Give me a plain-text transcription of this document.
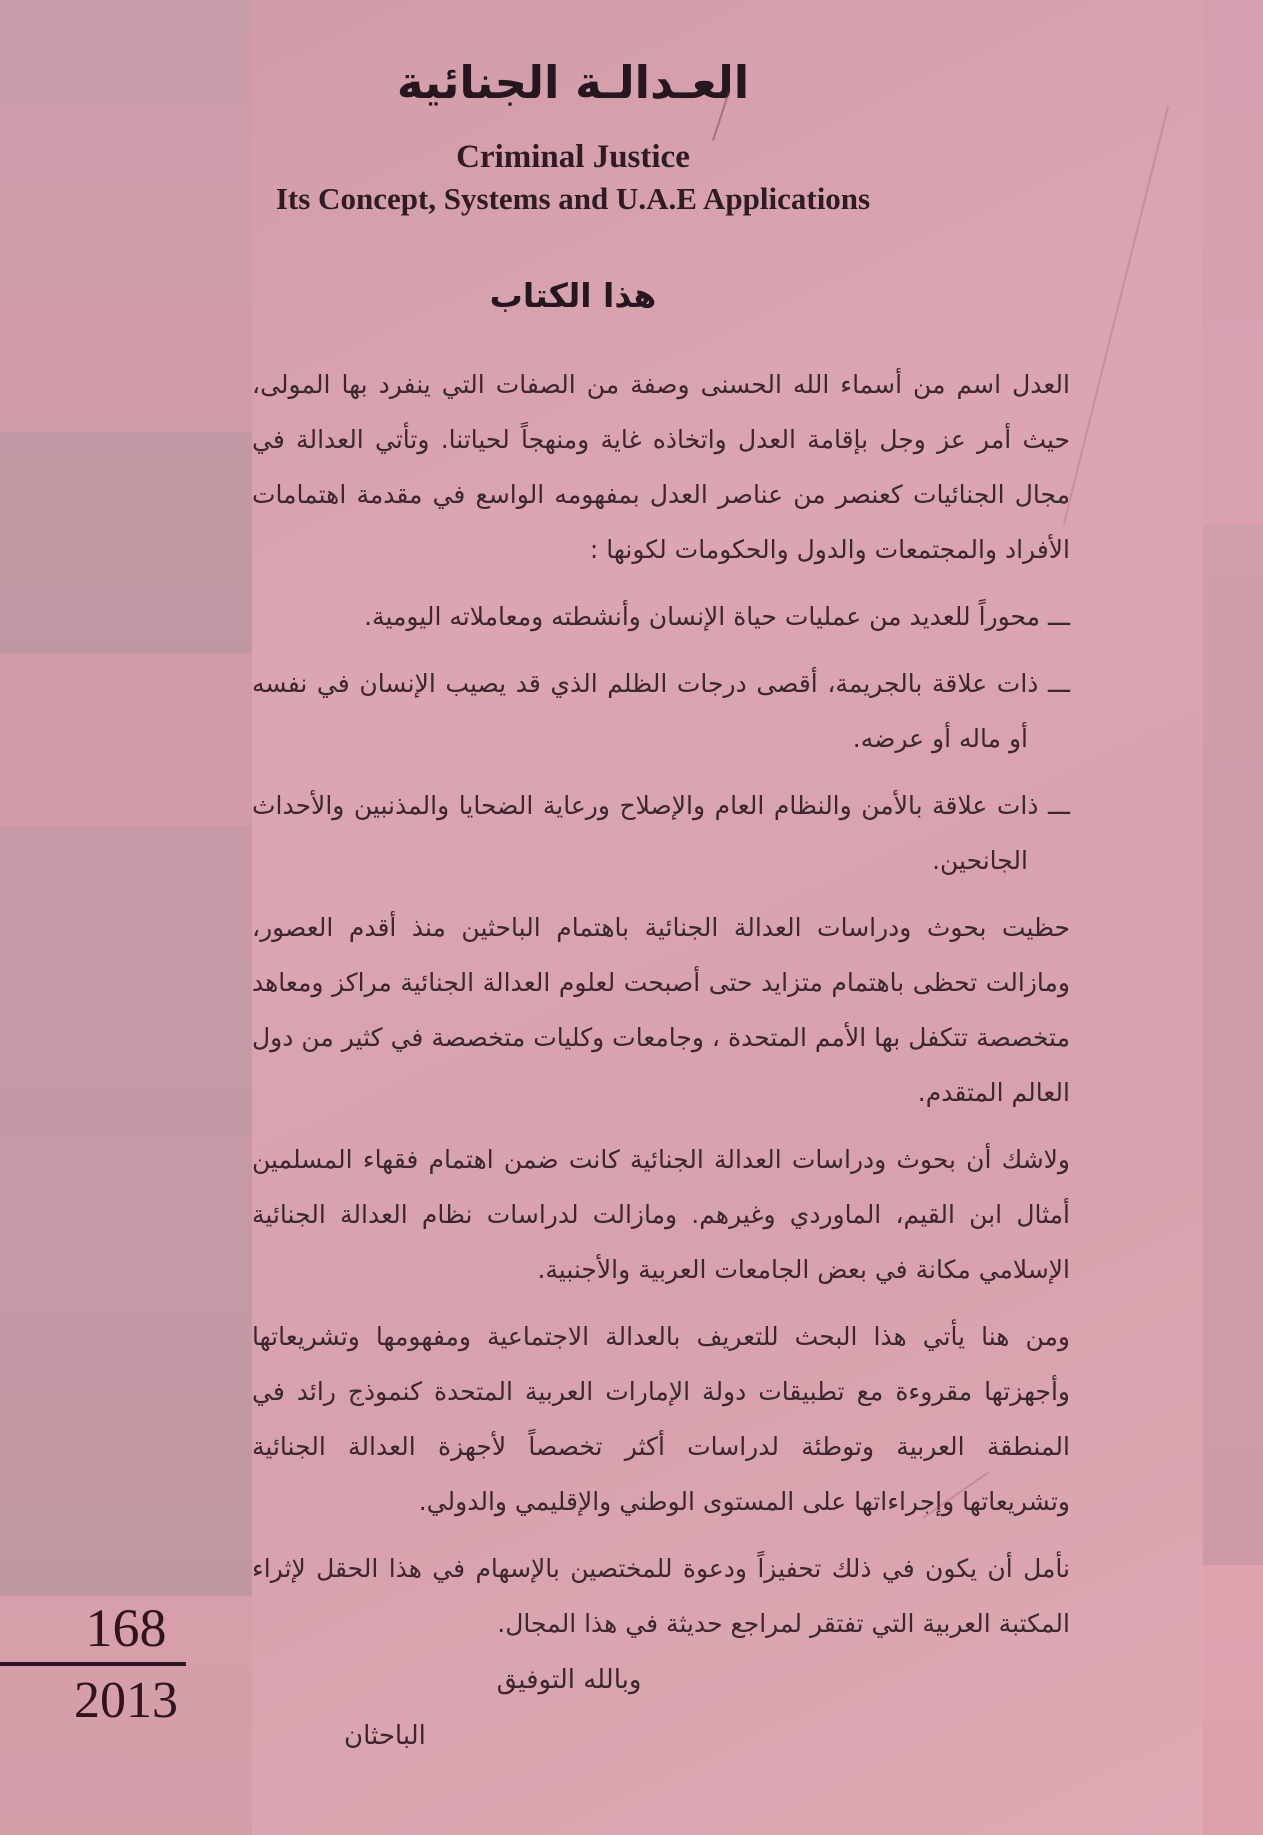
168
2013
العـدالـة الجنائية
Criminal Justice
Its Concept, Systems and U.A.E Applications
هذا الكتاب

العدل اسم من أسماء الله الحسنى وصفة من الصفات التي ينفرد بها المولى، حيث أمر عز وجل بإقامة العدل واتخاذه غاية ومنهجاً لحياتنا. وتأتي العدالة في مجال الجنائيات كعنصر من عناصر العدل بمفهومه الواسع في مقدمة اهتمامات الأفراد والمجتمعات والدول والحكومات لكونها :

ـــ محوراً للعديد من عمليات حياة الإنسان وأنشطته ومعاملاته اليومية.

ـــ ذات علاقة بالجريمة، أقصى درجات الظلم الذي قد يصيب الإنسان في نفسه أو ماله أو عرضه.

ـــ ذات علاقة بالأمن والنظام العام والإصلاح ورعاية الضحايا والمذنبين والأحداث الجانحين.

حظيت بحوث ودراسات العدالة الجنائية باهتمام الباحثين منذ أقدم العصور، ومازالت تحظى باهتمام متزايد حتى أصبحت لعلوم العدالة الجنائية مراكز ومعاهد متخصصة تتكفل بها الأمم المتحدة ، وجامعات وكليات متخصصة في كثير من دول العالم المتقدم.

ولاشك أن بحوث ودراسات العدالة الجنائية كانت ضمن اهتمام فقهاء المسلمين أمثال ابن القيم، الماوردي وغيرهم. ومازالت لدراسات نظام العدالة الجنائية الإسلامي مكانة في بعض الجامعات العربية والأجنبية.

ومن هنا يأتي هذا البحث للتعريف بالعدالة الاجتماعية ومفهومها وتشريعاتها وأجهزتها مقروءة مع تطبيقات دولة الإمارات العربية المتحدة كنموذج رائد في المنطقة العربية وتوطئة لدراسات أكثر تخصصاً لأجهزة العدالة الجنائية وتشريعاتها وإجراءاتها على المستوى الوطني والإقليمي والدولي.

نأمل أن يكون في ذلك تحفيزاً ودعوة للمختصين بالإسهام في هذا الحقل لإثراء المكتبة العربية التي تفتقر لمراجع حديثة في هذا المجال.

وبالله التوفيق
الباحثان
